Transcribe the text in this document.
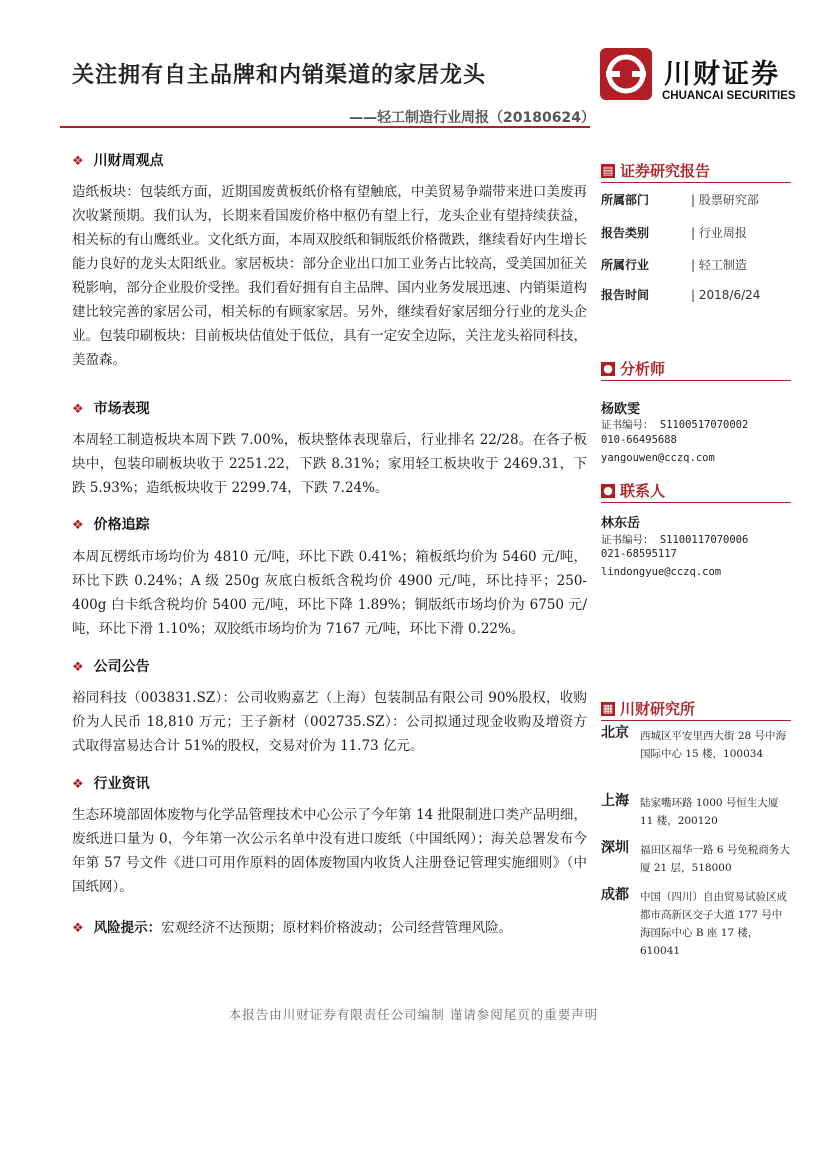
关注拥有自主品牌和内销渠道的家居龙头
——轻工制造行业周报（20180624）
川财证券
CHUANCAI SECURITIES
❖ 川财周观点
造纸板块：包装纸方面，近期国废黄板纸价格有望触底，中美贸易争端带来进口美废再次收紧预期。我们认为，长期来看国废价格中枢仍有望上行，龙头企业有望持续获益，相关标的有山鹰纸业。文化纸方面，本周双胶纸和铜版纸价格微跌，继续看好内生增长能力良好的龙头太阳纸业。家居板块：部分企业出口加工业务占比较高，受美国加征关税影响，部分企业股价受挫。我们看好拥有自主品牌、国内业务发展迅速、内销渠道构建比较完善的家居公司，相关标的有顾家家居。另外，继续看好家居细分行业的龙头企业。包装印刷板块：目前板块估值处于低位，具有一定安全边际，关注龙头裕同科技，美盈森。
❖ 市场表现
本周轻工制造板块本周下跌 7.00%，板块整体表现靠后，行业排名 22/28。在各子板块中，包装印刷板块收于 2251.22，下跌 8.31%；家用轻工板块收于 2469.31，下跌 5.93%；造纸板块收于 2299.74，下跌 7.24%。
❖ 价格追踪
本周瓦楞纸市场均价为 4810 元/吨，环比下跌 0.41%；箱板纸均价为 5460 元/吨，环比下跌 0.24%；A 级 250g 灰底白板纸含税均价 4900 元/吨，环比持平；250-400g 白卡纸含税均价 5400 元/吨，环比下降 1.89%；铜版纸市场均价为 6750 元/吨，环比下滑 1.10%；双胶纸市场均价为 7167 元/吨，环比下滑 0.22%。
❖ 公司公告
裕同科技（003831.SZ）：公司收购嘉艺（上海）包装制品有限公司 90%股权，收购价为人民币 18,810 万元；王子新材（002735.SZ）：公司拟通过现金收购及增资方式取得富易达合计 51%的股权，交易对价为 11.73 亿元。
❖ 行业资讯
生态环境部固体废物与化学品管理技术中心公示了今年第 14 批限制进口类产品明细，废纸进口量为 0，今年第一次公示名单中没有进口废纸（中国纸网）；海关总署发布今年第 57 号文件《进口可用作原料的固体废物国内收货人注册登记管理实施细则》（中国纸网）。
❖ 风险提示：宏观经济不达预期；原材料价格波动；公司经营管理风险。
▤ 证券研究报告
所属部门	| 股票研究部
报告类别	| 行业周报
所属行业	| 轻工制造
报告时间	| 2018/6/24
● 分析师
杨欧雯
证书编号： S1100517070002
010-66495688
yangouwen@cczq.com
● 联系人
林东岳
证书编号： S1100117070006
021-68595117
lindongyue@cczq.com
▦ 川财研究所
北京 西城区平安里西大街 28 号中海国际中心 15 楼，100034
上海 陆家嘴环路 1000 号恒生大厦 11 楼，200120
深圳 福田区福华一路 6 号免税商务大厦 21 层，518000
成都 中国（四川）自由贸易试验区成都市高新区交子大道 177 号中海国际中心 B 座 17 楼，610041
本报告由川财证券有限责任公司编制 谨请参阅尾页的重要声明
